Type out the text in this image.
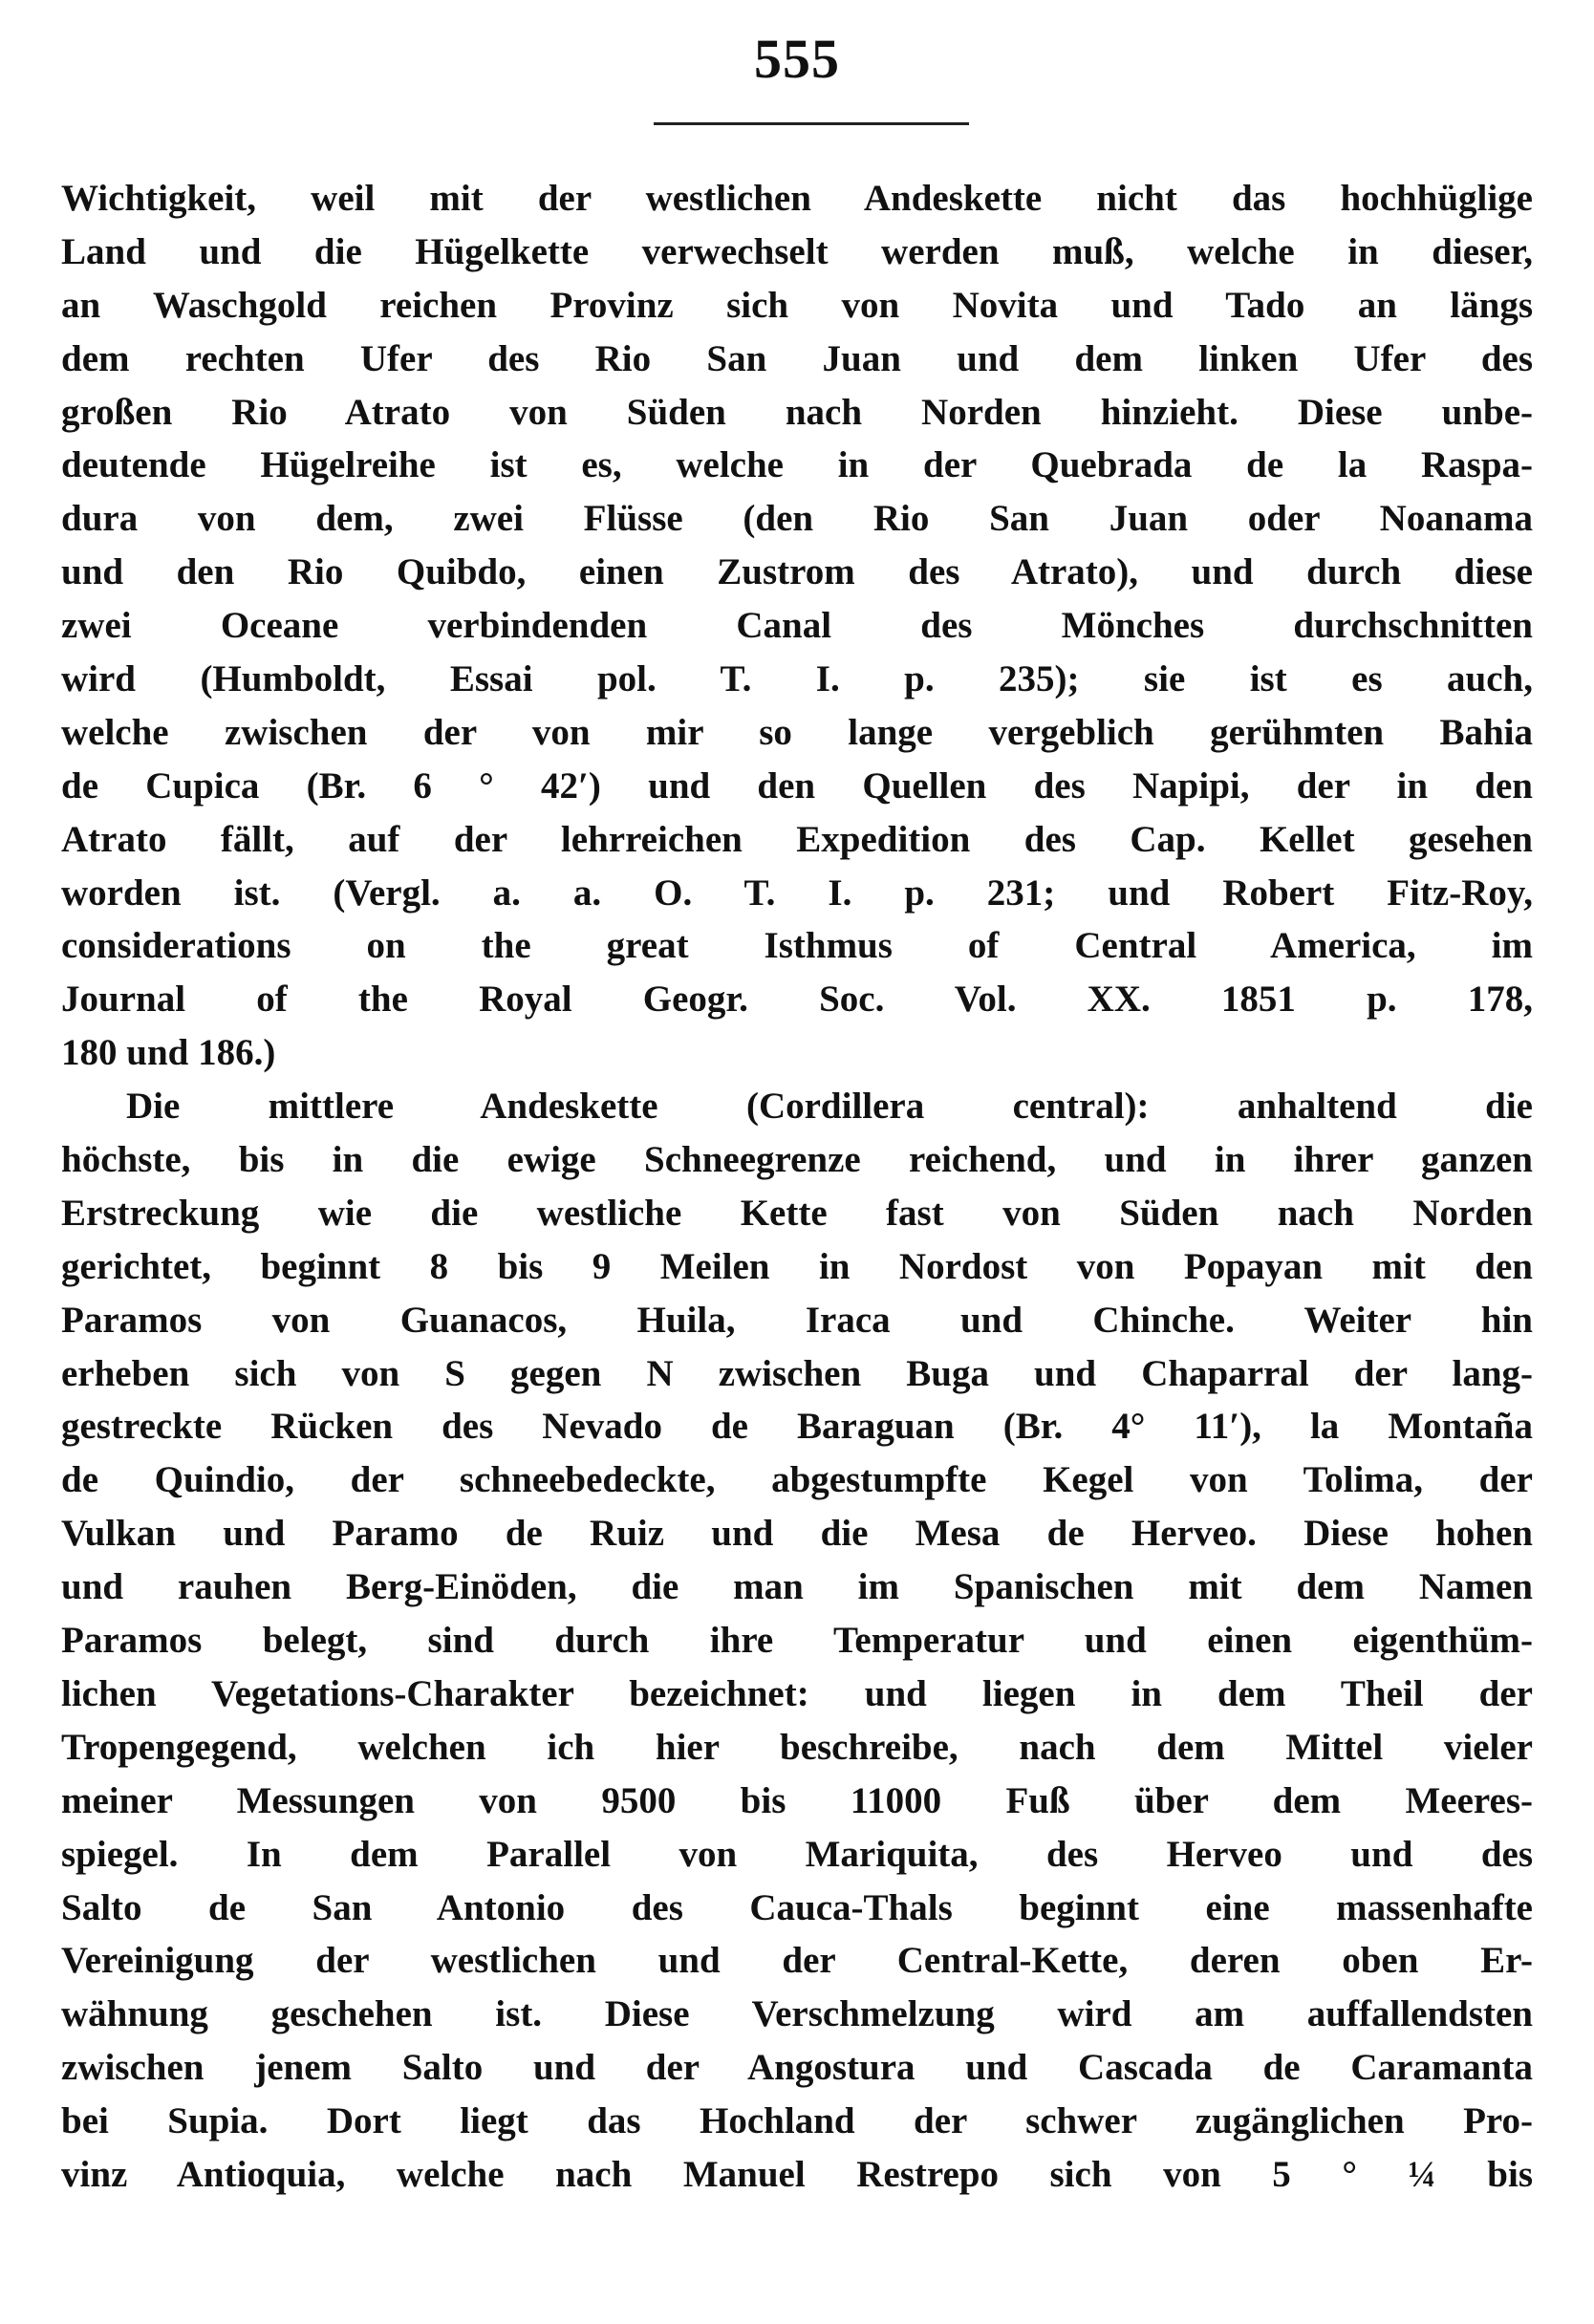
555
Wichtigkeit, weil mit der westlichen Andeskette nicht das hochhüglige
Land und die Hügelkette verwechselt werden muß, welche in dieser,
an Waschgold reichen Provinz sich von Novita und Tado an längs
dem rechten Ufer des Rio San Juan und dem linken Ufer des
großen Rio Atrato von Süden nach Norden hinzieht. Diese unbe-
deutende Hügelreihe ist es, welche in der Quebrada de la Raspa-
dura von dem, zwei Flüsse (den Rio San Juan oder Noanama
und den Rio Quibdo, einen Zustrom des Atrato), und durch diese
zwei Oceane verbindenden Canal des Mönches durchschnitten
wird (Humboldt, Essai pol. T. I. p. 235); sie ist es auch,
welche zwischen der von mir so lange vergeblich gerühmten Bahia
de Cupica (Br. 6 ° 42′) und den Quellen des Napipi, der in den
Atrato fällt, auf der lehrreichen Expedition des Cap. Kellet gesehen
worden ist. (Vergl. a. a. O. T. I. p. 231; und Robert Fitz-Roy,
considerations on the great Isthmus of Central America, im
Journal of the Royal Geogr. Soc. Vol. XX. 1851 p. 178,
180 und 186.)
Die mittlere Andeskette (Cordillera central): anhaltend die
höchste, bis in die ewige Schneegrenze reichend, und in ihrer ganzen
Erstreckung wie die westliche Kette fast von Süden nach Norden
gerichtet, beginnt 8 bis 9 Meilen in Nordost von Popayan mit den
Paramos von Guanacos, Huila, Iraca und Chinche. Weiter hin
erheben sich von S gegen N zwischen Buga und Chaparral der lang-
gestreckte Rücken des Nevado de Baraguan (Br. 4° 11′), la Montaña
de Quindio, der schneebedeckte, abgestumpfte Kegel von Tolima, der
Vulkan und Paramo de Ruiz und die Mesa de Herveo. Diese hohen
und rauhen Berg-Einöden, die man im Spanischen mit dem Namen
Paramos belegt, sind durch ihre Temperatur und einen eigenthüm-
lichen Vegetations-Charakter bezeichnet: und liegen in dem Theil der
Tropengegend, welchen ich hier beschreibe, nach dem Mittel vieler
meiner Messungen von 9500 bis 11000 Fuß über dem Meeres-
spiegel. In dem Parallel von Mariquita, des Herveo und des
Salto de San Antonio des Cauca-Thals beginnt eine massenhafte
Vereinigung der westlichen und der Central-Kette, deren oben Er-
wähnung geschehen ist. Diese Verschmelzung wird am auffallendsten
zwischen jenem Salto und der Angostura und Cascada de Caramanta
bei Supia. Dort liegt das Hochland der schwer zugänglichen Pro-
vinz Antioquia, welche nach Manuel Restrepo sich von 5 ° ¼ bis
